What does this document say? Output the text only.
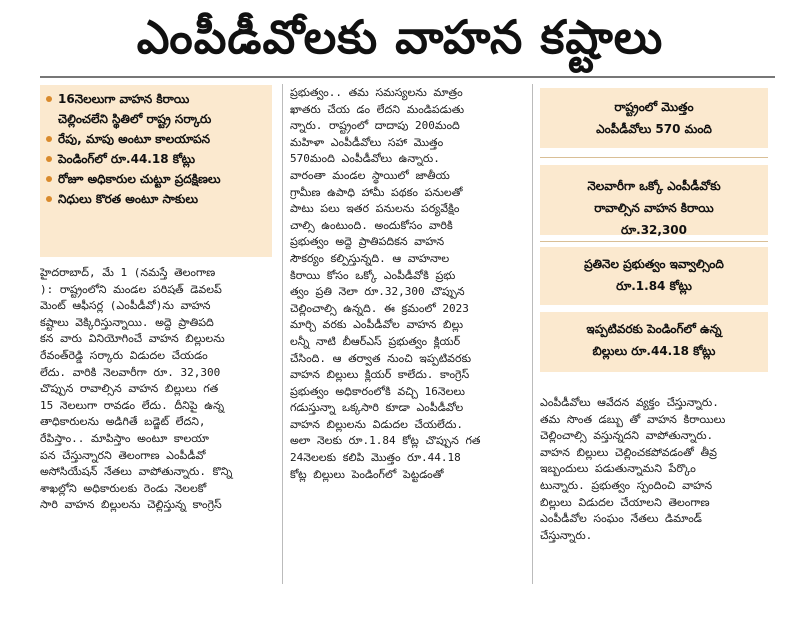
ఎంపీడీవోలకు వాహన కష్టాలు
16నెలలుగా వాహన కిరాయి
చెల్లించలేని స్థితిలో రాష్ట్ర సర్కారు
రేపు, మాపు అంటూ కాలయాపన
పెండింగ్‌లో రూ.44.18 కోట్లు
రోజూ అధికారుల చుట్టూ ప్రదక్షిణలు
నిధులు కొరత అంటూ సాకులు
హైదరాబాద్, మే 1 (నమస్తే తెలంగాణ
): రాష్ట్రంలోని మండల పరిషత్ డెవలప్
మెంట్ ఆఫీసర్ల (ఎంపీడీవో)ను వాహన
కష్టాలు వెక్కిరిస్తున్నాయి. అద్దె ప్రాతిపది
కన వారు వినియోగించే వాహన బిల్లులను
రేవంత్‌రెడ్డి సర్కారు విడుదల చేయడం
లేదు. వారికి నెలవారీగా రూ. 32,300
చొప్పున రావాల్సిన వాహన బిల్లులు గత
15 నెలలుగా రావడం లేదు. దీనిపై ఉన్న
తాధికారులను అడిగితే బడ్జెట్ లేదని,
రేపిస్తాం.. మాపిస్తాం అంటూ కాలయా
పన చేస్తున్నారని తెలంగాణ ఎంపీడీవో
అసోసియేషన్ నేతలు వాపోతున్నారు. కొన్ని
శాఖల్లోని అధికారులకు రెండు నెలలకో
సారి వాహన బిల్లులను చెల్లిస్తున్న కాంగ్రెస్
ప్రభుత్వం.. తమ సమస్యలను మాత్రం
ఖాతరు చేయ డం లేదని మండిపడుతు
న్నారు. రాష్ట్రంలో దాదాపు 200మంది
మహిళా ఎంపీడీవోలు సహా మొత్తం
570మంది ఎంపీడీవోలు ఉన్నారు.
వారంతా మండల స్థాయిలో జాతీయ
గ్రామీణ ఉపాధి హామీ పథకం పనులతో
పాటు పలు ఇతర పనులను పర్యవేక్షిం
చాల్సి ఉంటుంది. అందుకోసం వారికి
ప్రభుత్వం అద్దె ప్రాతిపదికన వాహన
సౌకర్యం కల్పిస్తున్నది. ఆ వాహనాల
కిరాయి కోసం ఒక్కో ఎంపీడీవోకి ప్రభు
త్వం ప్రతి నెలా రూ.32,300 చొప్పున
చెల్లించాల్సి ఉన్నది. ఈ క్రమంలో 2023
మార్చి వరకు ఎంపీడీవోల వాహన బిల్లు
లన్నీ నాటి బీఆర్‌ఎస్ ప్రభుత్వం క్లియర్
చేసింది. ఆ తర్వాత నుంచి ఇప్పటివరకు
వాహన బిల్లులు క్లియర్ కాలేదు. కాంగ్రెస్
ప్రభుత్వం అధికారంలోకి వచ్చి 16నెలలు
గడుస్తున్నా ఒక్కసారి కూడా ఎంపీడీవోల
వాహన బిల్లులను విడుదల చేయలేదు.
అలా నెలకు రూ.1.84 కోట్ల చొప్పున గత
24నెలలకు కలిపి మొత్తం రూ.44.18
కోట్ల బిల్లులు పెండింగ్‌లో పెట్టడంతో
రాష్ట్రంలో మొత్తం
ఎంపీడీవోలు 570 మంది
నెలవారీగా ఒక్కో ఎంపీడీవోకు
రావాల్సిన వాహన కిరాయి
రూ.32,300
ప్రతినెల ప్రభుత్వం ఇవ్వాల్సింది
రూ.1.84 కోట్లు
ఇప్పటివరకు పెండింగ్‌లో ఉన్న
బిల్లులు రూ.44.18 కోట్లు
ఎంపీడీవోలు ఆవేదన వ్యక్తం చేస్తున్నారు.
తమ సొంత డబ్బు తో వాహన కిరాయిలు
చెల్లించాల్సి వస్తున్నదని వాపోతున్నారు.
వాహన బిల్లులు చెల్లించకపోవడంతో తీవ్ర
ఇబ్బందులు పడుతున్నామని పేర్కొం
టున్నారు. ప్రభుత్వం స్పందించి వాహన
బిల్లులు విడుదల చేయాలని తెలంగాణ
ఎంపీడీవోల సంఘం నేతలు డిమాండ్
చేస్తున్నారు.
